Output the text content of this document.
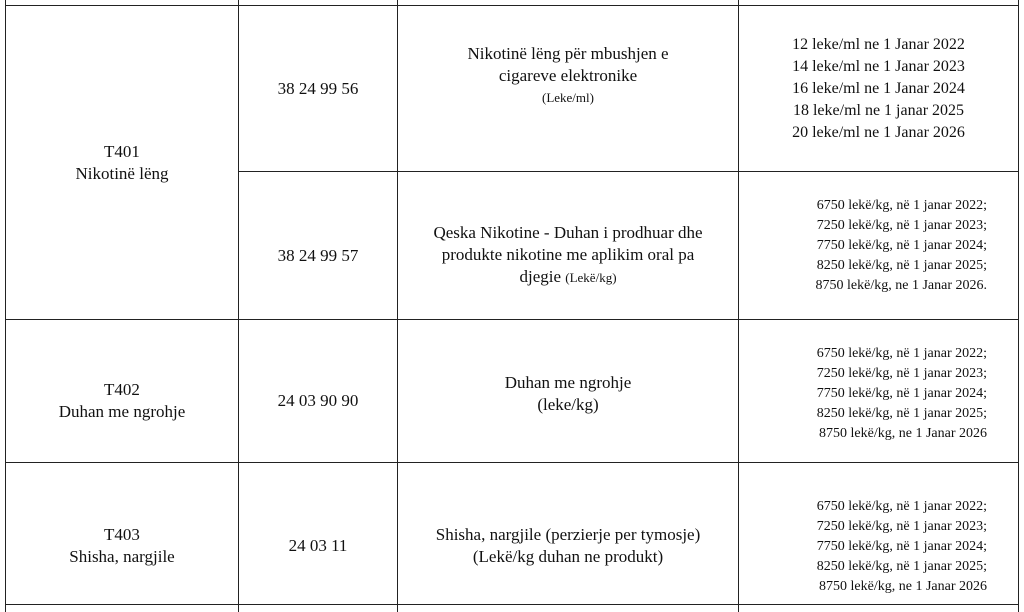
T401
Nikotinë lëng
38 24 99 56
Nikotinë lëng për mbushjen e
cigareve elektronike
(Leke/ml)
12 leke/ml ne 1 Janar 2022
14 leke/ml ne 1 Janar 2023
16 leke/ml ne 1 Janar 2024
18 leke/ml ne 1 janar 2025
20 leke/ml ne 1 Janar 2026
38 24 99 57
Qeska Nikotine - Duhan i prodhuar dhe
produkte nikotine me aplikim oral pa
djegie (Lekë/kg)
6750 lekë/kg, në 1 janar 2022;
7250 lekë/kg, në 1 janar 2023;
7750 lekë/kg, në 1 janar 2024;
8250 lekë/kg, në 1 janar 2025;
8750 lekë/kg, ne 1 Janar 2026.
T402
Duhan me ngrohje
24 03 90 90
Duhan me ngrohje
(leke/kg)
6750 lekë/kg, në 1 janar 2022;
7250 lekë/kg, në 1 janar 2023;
7750 lekë/kg, në 1 janar 2024;
8250 lekë/kg, në 1 janar 2025;
8750 lekë/kg, ne 1 Janar 2026
T403
Shisha, nargjile
24 03 11
Shisha, nargjile (perzierje per tymosje)
(Lekë/kg duhan ne produkt)
6750 lekë/kg, në 1 janar 2022;
7250 lekë/kg, në 1 janar 2023;
7750 lekë/kg, në 1 janar 2024;
8250 lekë/kg, në 1 janar 2025;
8750 lekë/kg, ne 1 Janar 2026
